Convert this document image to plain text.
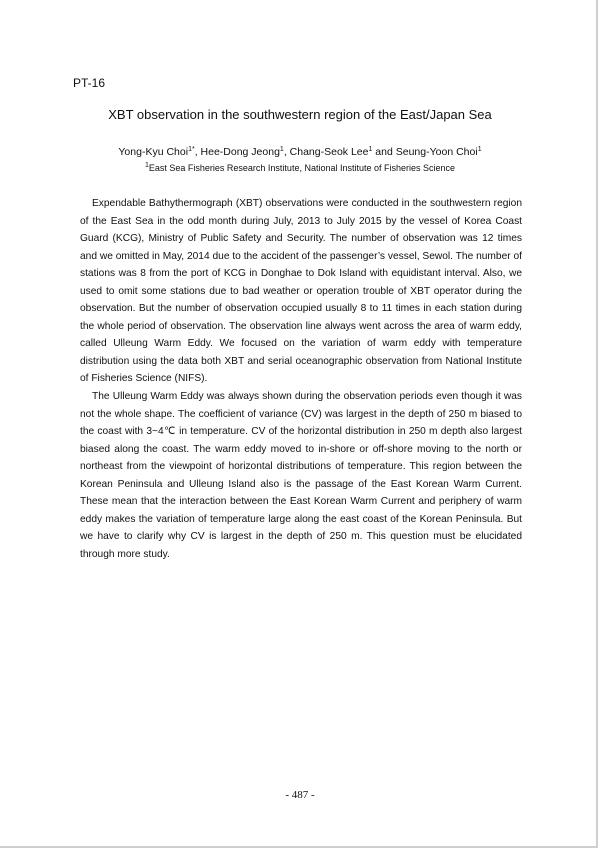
PT-16
XBT observation in the southwestern region of the East/Japan Sea
Yong-Kyu Choi$^{1*}$, Hee-Dong Jeong$^1$, Chang-Seok Lee$^1$ and Seung-Yoon Choi$^1$
$^1$East Sea Fisheries Research Institute, National Institute of Fisheries Science

Expendable Bathythermograph (XBT) observations were conducted in the southwestern region of the East Sea in the odd month during July, 2013 to July 2015 by the vessel of Korea Coast Guard (KCG), Ministry of Public Safety and Security. The number of observation was 12 times and we omitted in May, 2014 due to the accident of the passenger’s vessel, Sewol. The number of stations was 8 from the port of KCG in Donghae to Dok Island with equidistant interval. Also, we used to omit some stations due to bad weather or operation trouble of XBT operator during the observation. But the number of observation occupied usually 8 to 11 times in each station during the whole period of observation. The observation line always went across the area of warm eddy, called Ulleung Warm Eddy. We focused on the variation of warm eddy with temperature distribution using the data both XBT and serial oceanographic observation from National Institute of Fisheries Science (NIFS).

The Ulleung Warm Eddy was always shown during the observation periods even though it was not the whole shape. The coefficient of variance (CV) was largest in the depth of 250 m biased to the coast with 3~4℃ in temperature. CV of the horizontal distribution in 250 m depth also largest biased along the coast. The warm eddy moved to in-shore or off-shore moving to the north or northeast from the viewpoint of horizontal distributions of temperature. This region between the Korean Peninsula and Ulleung Island also is the passage of the East Korean Warm Current. These mean that the interaction between the East Korean Warm Current and periphery of warm eddy makes the variation of temperature large along the east coast of the Korean Peninsula. But we have to clarify why CV is largest in the depth of 250 m. This question must be elucidated through more study.

- 487 -
